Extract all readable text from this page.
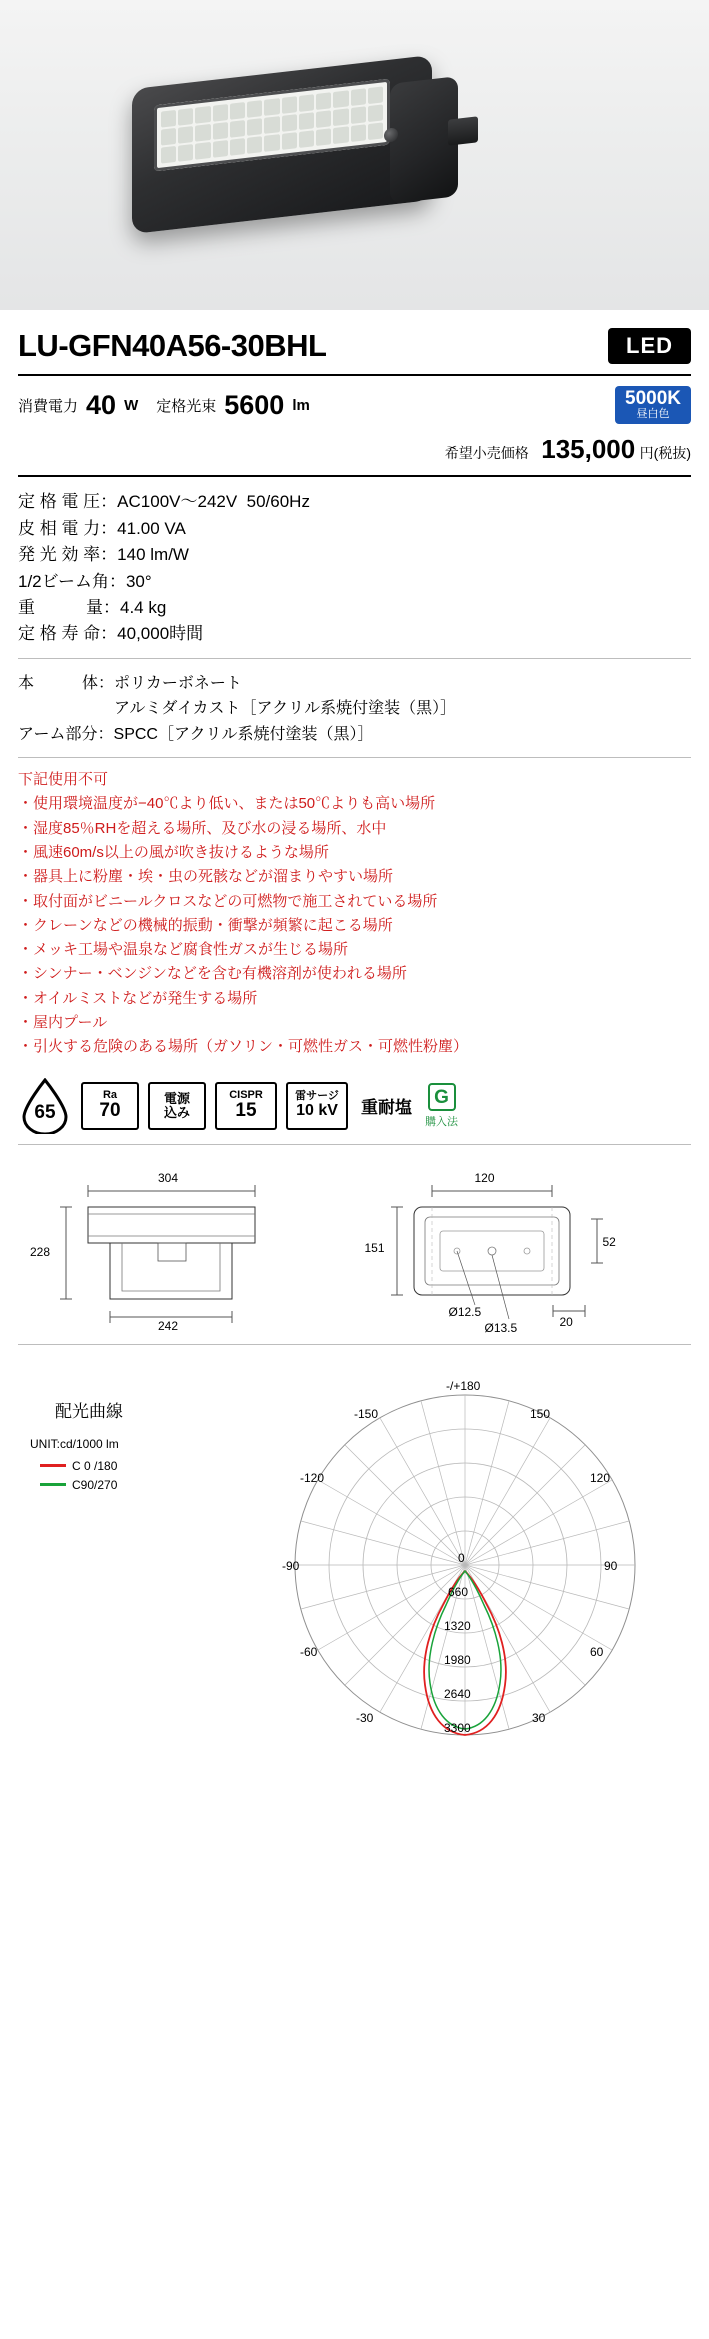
LU-GFN40A56-30BHL	LED
消費電力 40 W 定格光束 5600 lm	5000K
昼白色
希望小売価格 135,000 円(税抜)
定 格 電 圧：AC100V〜242V  50/60Hz
皮 相 電 力：41.00 VA
発 光 効 率：140 lm/W
1/2ビーム角：30°
重　　　量：4.4 kg
定 格 寿 命：40,000時間
本　　　体：ポリカーボネート
　　　　　　アルミダイカスト［アクリル系焼付塗装（黒）］
アーム部分：SPCC［アクリル系焼付塗装（黒）］
下記使用不可
・使用環境温度が−40℃より低い、または50℃よりも高い場所
・湿度85％RHを超える場所、及び水の浸る場所、水中
・風速60m/s以上の風が吹き抜けるような場所
・器具上に粉塵・埃・虫の死骸などが溜まりやすい場所
・取付面がビニールクロスなどの可燃物で施工されている場所
・クレーンなどの機械的振動・衝撃が頻繁に起こる場所
・メッキ工場や温泉など腐食性ガスが生じる場所
・シンナー・ベンジンなどを含む有機溶剤が使われる場所
・オイルミストなどが発生する場所
・屋内プール
・引火する危険のある場所（ガソリン・可燃性ガス・可燃性粉塵）
65
Ra
70
電源
込み
CISPR
15
雷サージ
10 kV 重耐塩	G
購入法
304
228
242
120
151	52
20
Ø12.5
Ø13.5
配光曲線
UNIT:cd/1000 lm
C 0 /180
C90/270
-/+180
-150	150
-120	120
-90	90
-60	60
-30	30
0
660
1320
1980
2640
3300
